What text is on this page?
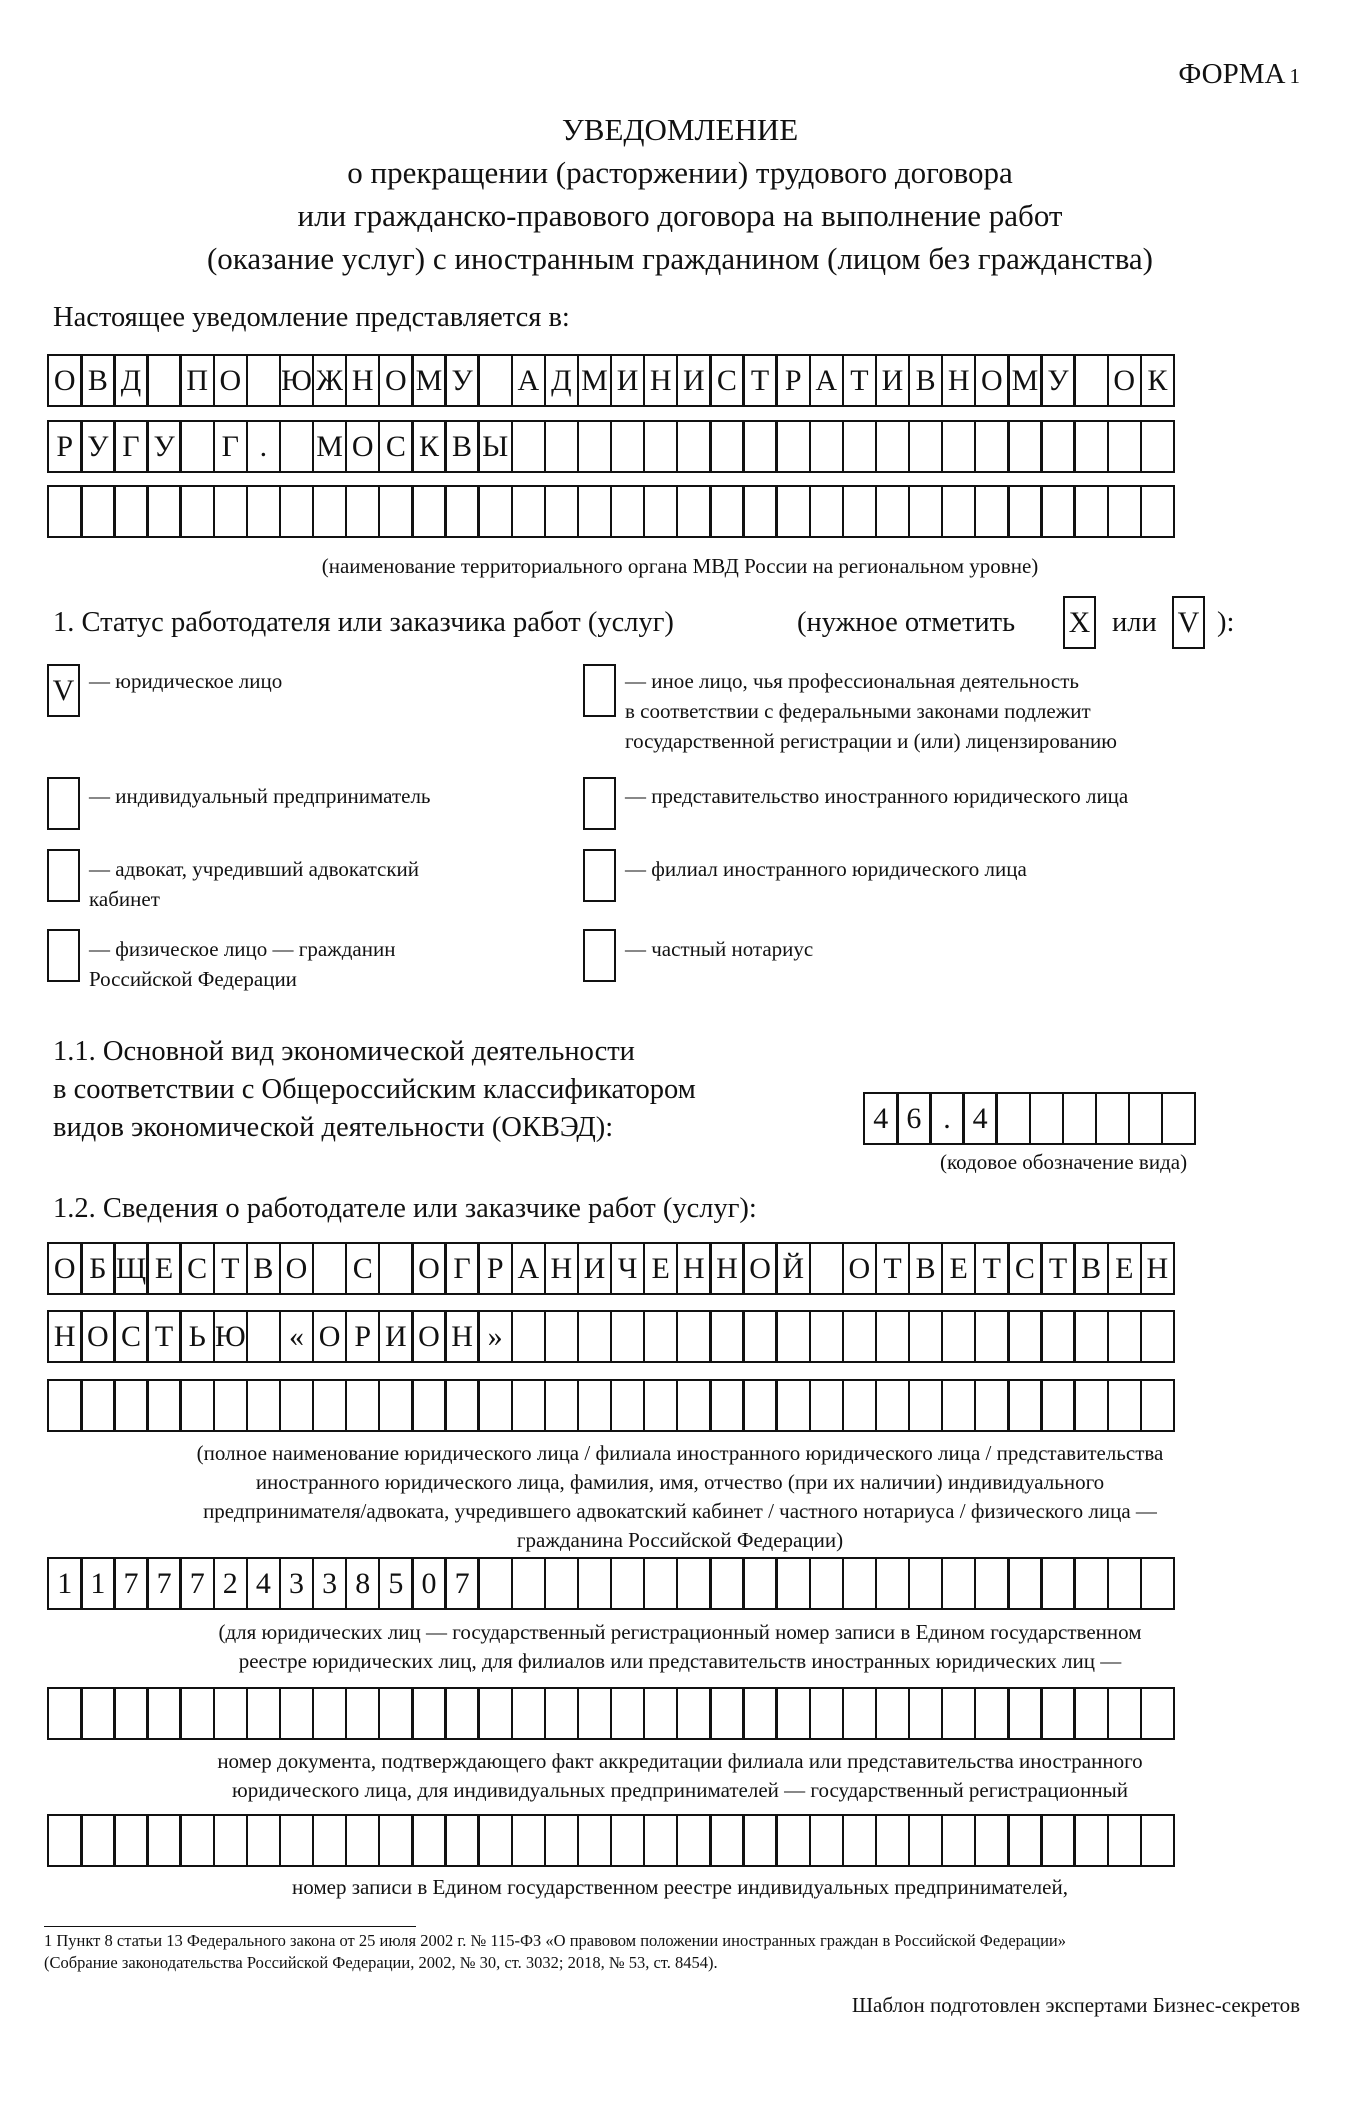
ФОРМА 1
УВЕДОМЛЕНИЕ
о прекращении (расторжении) трудового договора
или гражданско-правового договора на выполнение работ
(оказание услуг) с иностранным гражданином (лицом без гражданства)
Настоящее уведомление представляется в:
О В Д П О Ю Ж Н О М У А Д М И Н И С Т Р А Т И В Н О М У О К
Р У Г У	Г .	М О С К В Ы
(наименование территориального органа МВД России на региональном уровне)
1. Статус работодателя или заказчика работ (услуг)	(нужное отметить X или V ):
V — юридическое лицо
— индивидуальный предприниматель
— адвокат, учредивший адвокатский
кабинет
— физическое лицо — гражданин
Российской Федерации
— иное лицо, чья профессиональная деятельность
в соответствии с федеральными законами подлежит
государственной регистрации и (или) лицензированию
— представительство иностранного юридического лица
— филиал иностранного юридического лица
— частный нотариус
1.1. Основной вид экономической деятельности
в соответствии с Общероссийским классификатором
видов экономической деятельности (ОКВЭД):	4 6 . 4
(кодовое обозначение вида)
1.2. Сведения о работодателе или заказчике работ (услуг):
О Б Щ Е С Т В О С О Г Р А Н И Ч Е Н Н О Й О Т В Е Т С Т В Е Н
Н О С Т Ь Ю	« О Р И О Н »
(полное наименование юридического лица / филиала иностранного юридического лица / представительства
иностранного юридического лица, фамилия, имя, отчество (при их наличии) индивидуального
предпринимателя/адвоката, учредившего адвокатский кабинет / частного нотариуса / физического лица —
гражданина Российской Федерации)
1 1 7 7 7 2 4 3 3 8 5 0 7
(для юридических лиц — государственный регистрационный номер записи в Едином государственном
реестре юридических лиц, для филиалов или представительств иностранных юридических лиц —
номер документа, подтверждающего факт аккредитации филиала или представительства иностранного
юридического лица, для индивидуальных предпринимателей — государственный регистрационный
номер записи в Едином государственном реестре индивидуальных предпринимателей,
1 Пункт 8 статьи 13 Федерального закона от 25 июля 2002 г. № 115-ФЗ «О правовом положении иностранных граждан в Российской Федерации»
(Собрание законодательства Российской Федерации, 2002, № 30, ст. 3032; 2018, № 53, ст. 8454).
Шаблон подготовлен экспертами Бизнес-секретов
